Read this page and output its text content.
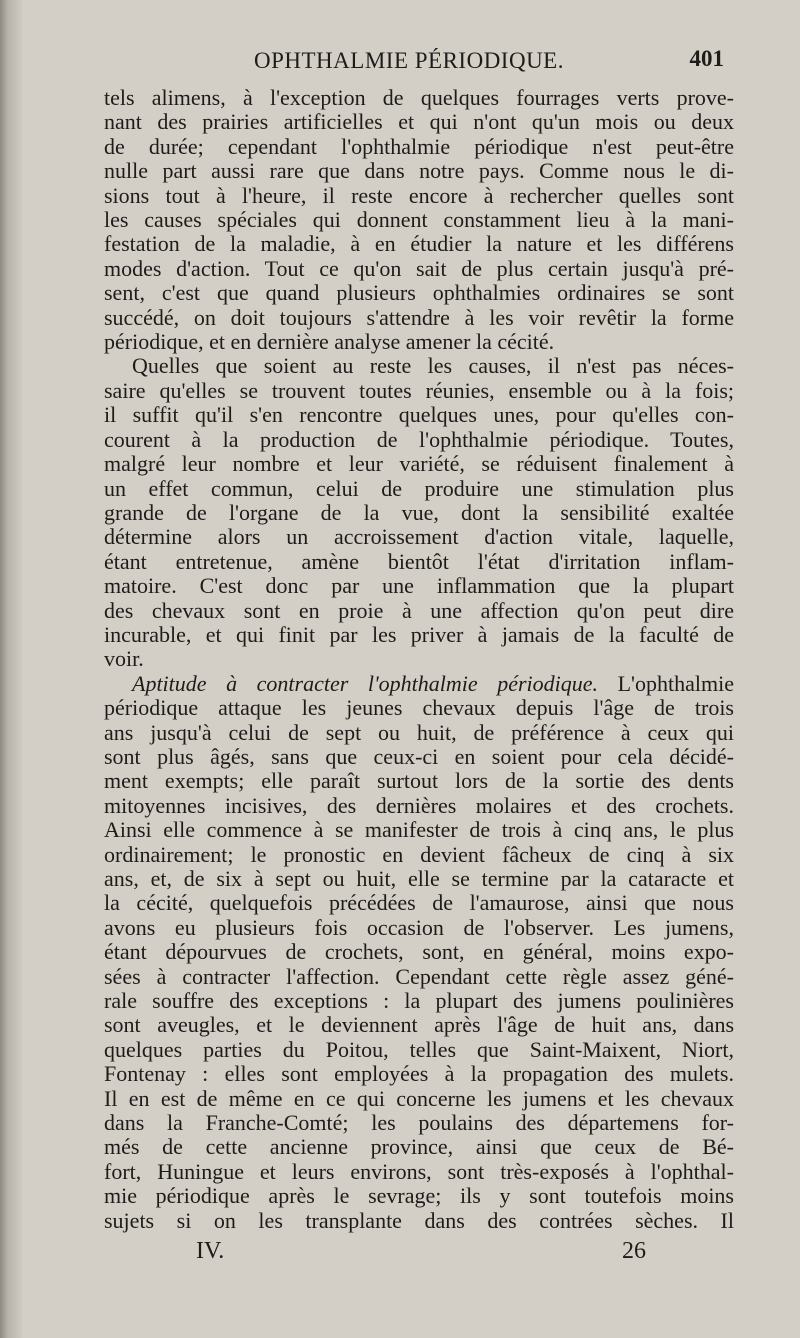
OPHTHALMIE PÉRIODIQUE.	401

tels alimens, à l'exception de quelques fourrages verts prove-
nant des prairies artificielles et qui n'ont qu'un mois ou deux
de durée; cependant l'ophthalmie périodique n'est peut-être
nulle part aussi rare que dans notre pays. Comme nous le di-
sions tout à l'heure, il reste encore à rechercher quelles sont
les causes spéciales qui donnent constamment lieu à la mani-
festation de la maladie, à en étudier la nature et les différens
modes d'action. Tout ce qu'on sait de plus certain jusqu'à pré-
sent, c'est que quand plusieurs ophthalmies ordinaires se sont
succédé, on doit toujours s'attendre à les voir revêtir la forme
périodique, et en dernière analyse amener la cécité.

Quelles que soient au reste les causes, il n'est pas néces-
saire qu'elles se trouvent toutes réunies, ensemble ou à la fois;
il suffit qu'il s'en rencontre quelques unes, pour qu'elles con-
courent à la production de l'ophthalmie périodique. Toutes,
malgré leur nombre et leur variété, se réduisent finalement à
un effet commun, celui de produire une stimulation plus
grande de l'organe de la vue, dont la sensibilité exaltée
détermine alors un accroissement d'action vitale, laquelle,
étant entretenue, amène bientôt l'état d'irritation inflam-
matoire. C'est donc par une inflammation que la plupart
des chevaux sont en proie à une affection qu'on peut dire
incurable, et qui finit par les priver à jamais de la faculté de
voir.

Aptitude à contracter l'ophthalmie périodique. L'ophthalmie
périodique attaque les jeunes chevaux depuis l'âge de trois
ans jusqu'à celui de sept ou huit, de préférence à ceux qui
sont plus âgés, sans que ceux-ci en soient pour cela décidé-
ment exempts; elle paraît surtout lors de la sortie des dents
mitoyennes incisives, des dernières molaires et des crochets.
Ainsi elle commence à se manifester de trois à cinq ans, le plus
ordinairement; le pronostic en devient fâcheux de cinq à six
ans, et, de six à sept ou huit, elle se termine par la cataracte et
la cécité, quelquefois précédées de l'amaurose, ainsi que nous
avons eu plusieurs fois occasion de l'observer. Les jumens,
étant dépourvues de crochets, sont, en général, moins expo-
sées à contracter l'affection. Cependant cette règle assez géné-
rale souffre des exceptions : la plupart des jumens poulinières
sont aveugles, et le deviennent après l'âge de huit ans, dans
quelques parties du Poitou, telles que Saint-Maixent, Niort,
Fontenay : elles sont employées à la propagation des mulets.
Il en est de même en ce qui concerne les jumens et les chevaux
dans la Franche-Comté; les poulains des départemens for-
més de cette ancienne province, ainsi que ceux de Bé-
fort, Huningue et leurs environs, sont très-exposés à l'ophthal-
mie périodique après le sevrage; ils y sont toutefois moins
sujets si on les transplante dans des contrées sèches. Il

IV.	26
